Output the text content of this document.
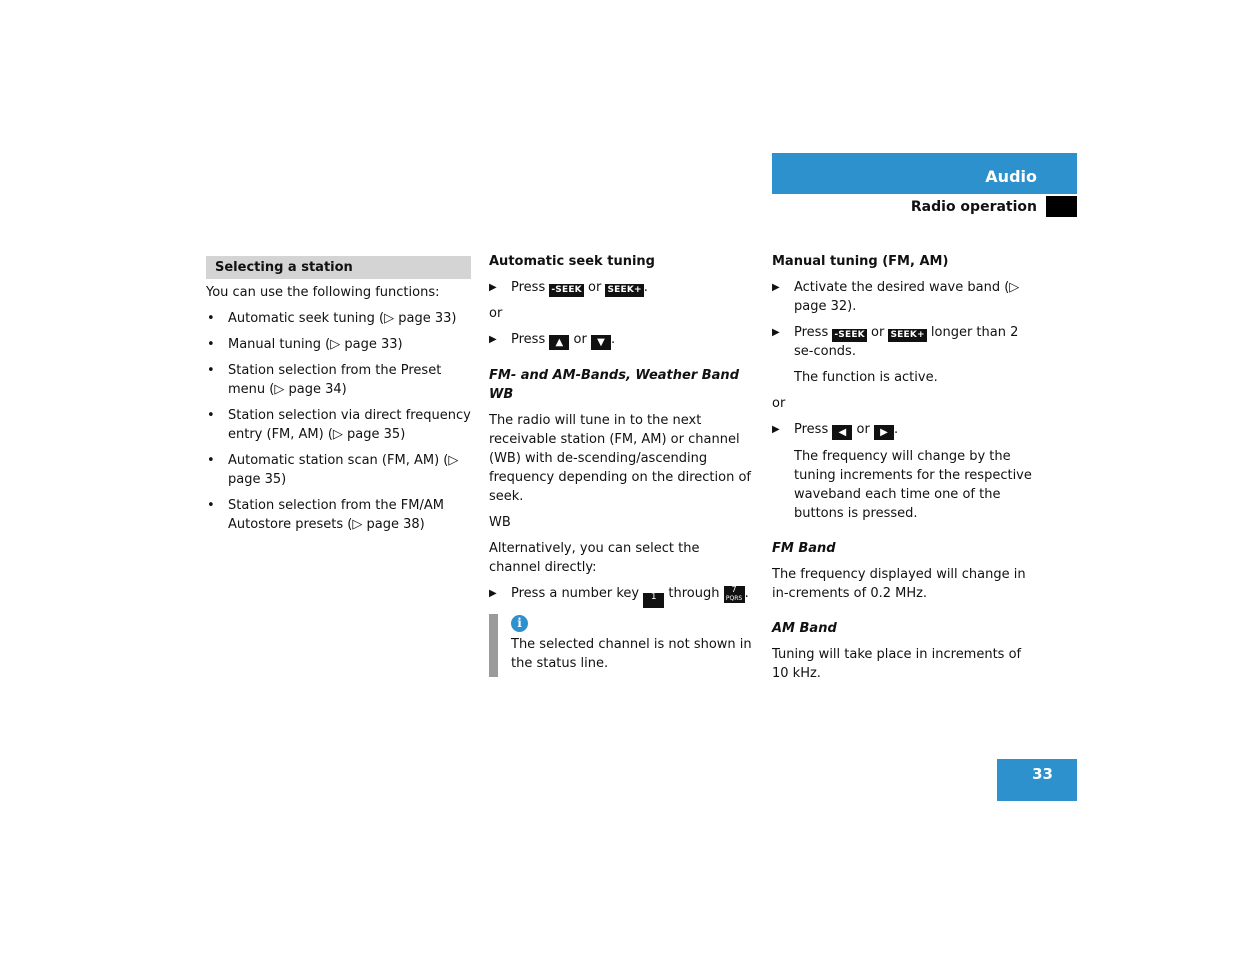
Audio
Radio operation
Selecting a station

You can use the following functions:

• Automatic seek tuning (▷ page 33)
• Manual tuning (▷ page 33)
• Station selection from the Preset menu (▷ page 34)
• Station selection via direct frequency entry (FM, AM) (▷ page 35)
• Automatic station scan (FM, AM) (▷ page 35)
• Station selection from the FM/AM Autostore presets (▷ page 38)

Automatic seek tuning

▶ Press -SEEK or SEEK+ .

or

▶ Press ▲ or ▼ .

FM- and AM-Bands, Weather Band WB

The radio will tune in to the next receivable station (FM, AM) or channel (WB) with de-scending/ascending frequency depending on the direction of seek.

WB

Alternatively, you can select the channel directly:

▶ Press a number key 1 through 7
PQRS .
i

The selected channel is not shown in the status line.

Manual tuning (FM, AM)

▶ Activate the desired wave band (▷ page 32).
▶ Press -SEEK or SEEK+ longer than 2 se-conds.

The function is active.

or

▶ Press ◀ or ▶ .

The frequency will change by the tuning increments for the respective waveband each time one of the buttons is pressed.

FM Band

The frequency displayed will change in in-crements of 0.2 MHz.

AM Band

Tuning will take place in increments of 10 kHz.

33
